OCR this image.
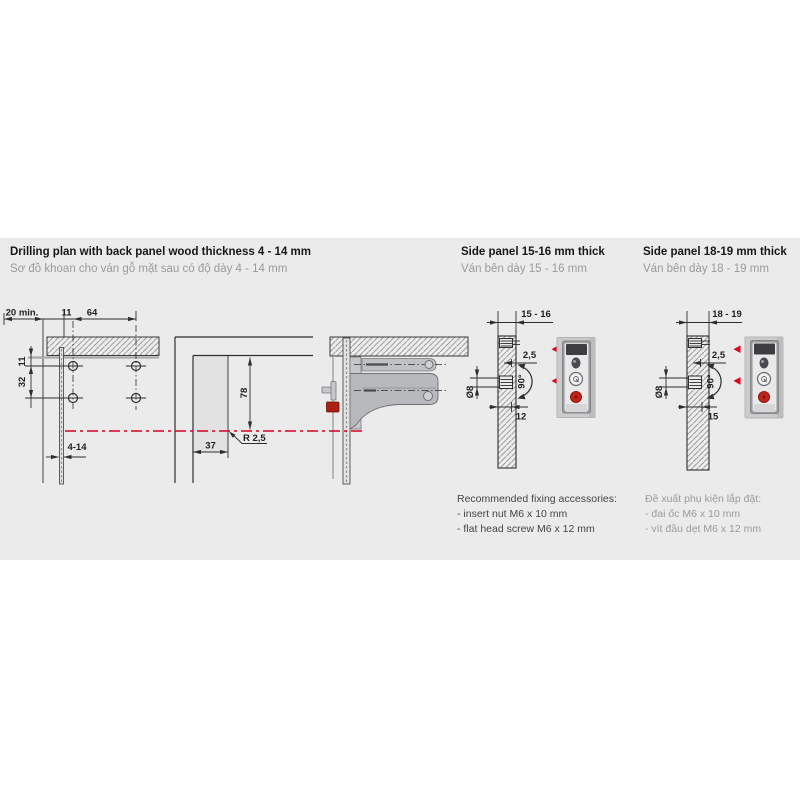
Drilling plan with back panel wood thickness 4 - 14 mm
Sơ đồ khoan cho ván gỗ mặt sau có độ dày 4 - 14 mm
Side panel 15-16 mm thick
Ván bên dày 15 - 16 mm
Side panel 18-19 mm thick
Ván bên dày 18 - 19 mm
20 min. 11 64
11
32
4-14
78
37
R 2,5
15 - 16
2,5
90°
Ø8
12
18 - 19
2,5
90°
Ø8
15
Recommended fixing accessories:
- insert nut M6 x 10 mm
- flat head screw M6 x 12 mm
Đề xuất phụ kiện lắp đặt:
- đai ốc M6 x 10 mm
- vít đầu dẹt M6 x 12 mm
